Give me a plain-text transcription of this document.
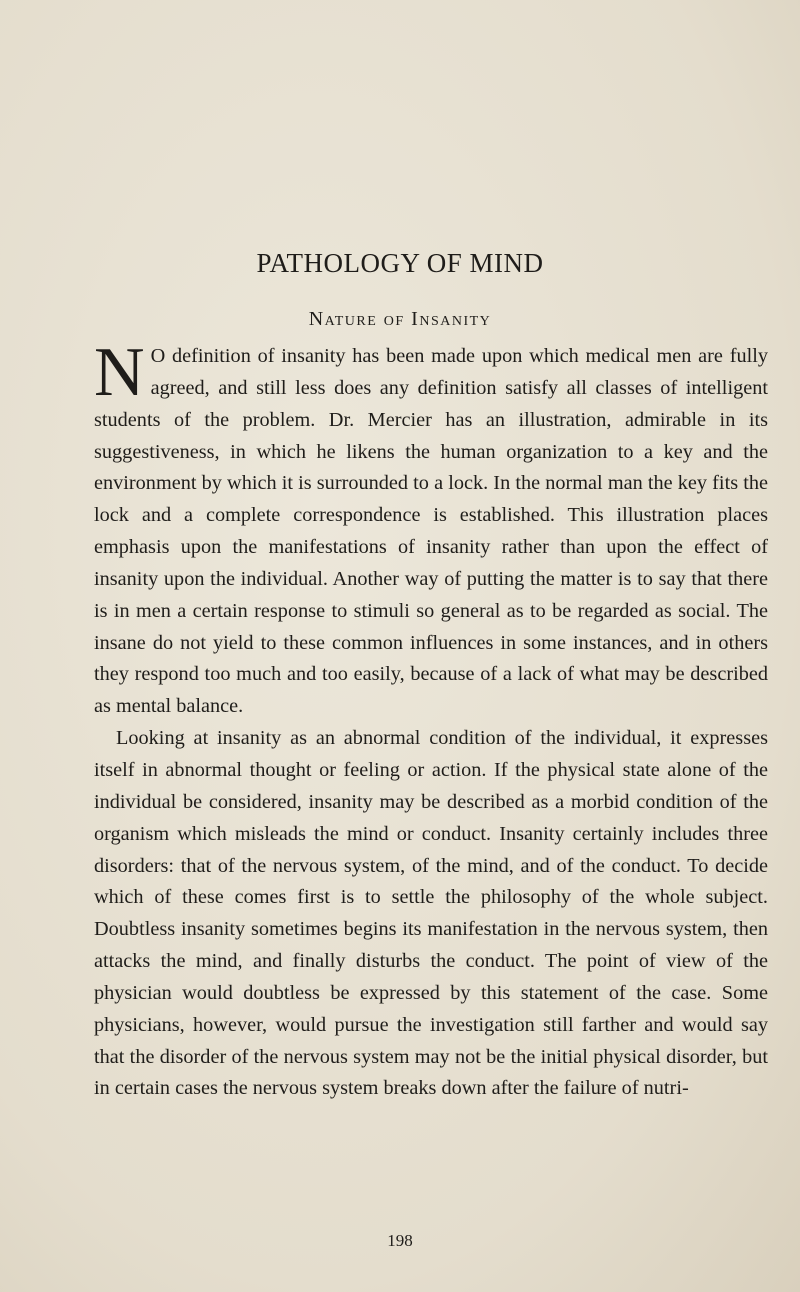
PATHOLOGY OF MIND
Nature of Insanity

N O definition of insanity has been made upon which medical men are fully agreed, and still less does any definition satisfy all classes of intelligent students of the problem. Dr. Mercier has an illustration, admirable in its suggestiveness, in which he likens the human organization to a key and the environment by which it is surrounded to a lock. In the normal man the key fits the lock and a complete correspondence is established. This illustration places emphasis upon the manifestations of insanity rather than upon the effect of insanity upon the individual. Another way of putting the matter is to say that there is in men a certain response to stimuli so general as to be regarded as social. The insane do not yield to these common influences in some instances, and in others they respond too much and too easily, because of a lack of what may be described as mental balance.

Looking at insanity as an abnormal condition of the individual, it expresses itself in abnormal thought or feeling or action. If the physical state alone of the individual be considered, insanity may be described as a morbid condition of the organism which misleads the mind or conduct. Insanity certainly includes three disorders: that of the nervous system, of the mind, and of the conduct. To decide which of these comes first is to settle the philosophy of the whole subject. Doubtless insanity sometimes begins its manifestation in the nervous system, then attacks the mind, and finally disturbs the conduct. The point of view of the physician would doubtless be expressed by this statement of the case. Some physicians, however, would pursue the investigation still farther and would say that the disorder of the nervous system may not be the initial physical disorder, but in certain cases the nervous system breaks down after the failure of nutri-

198
